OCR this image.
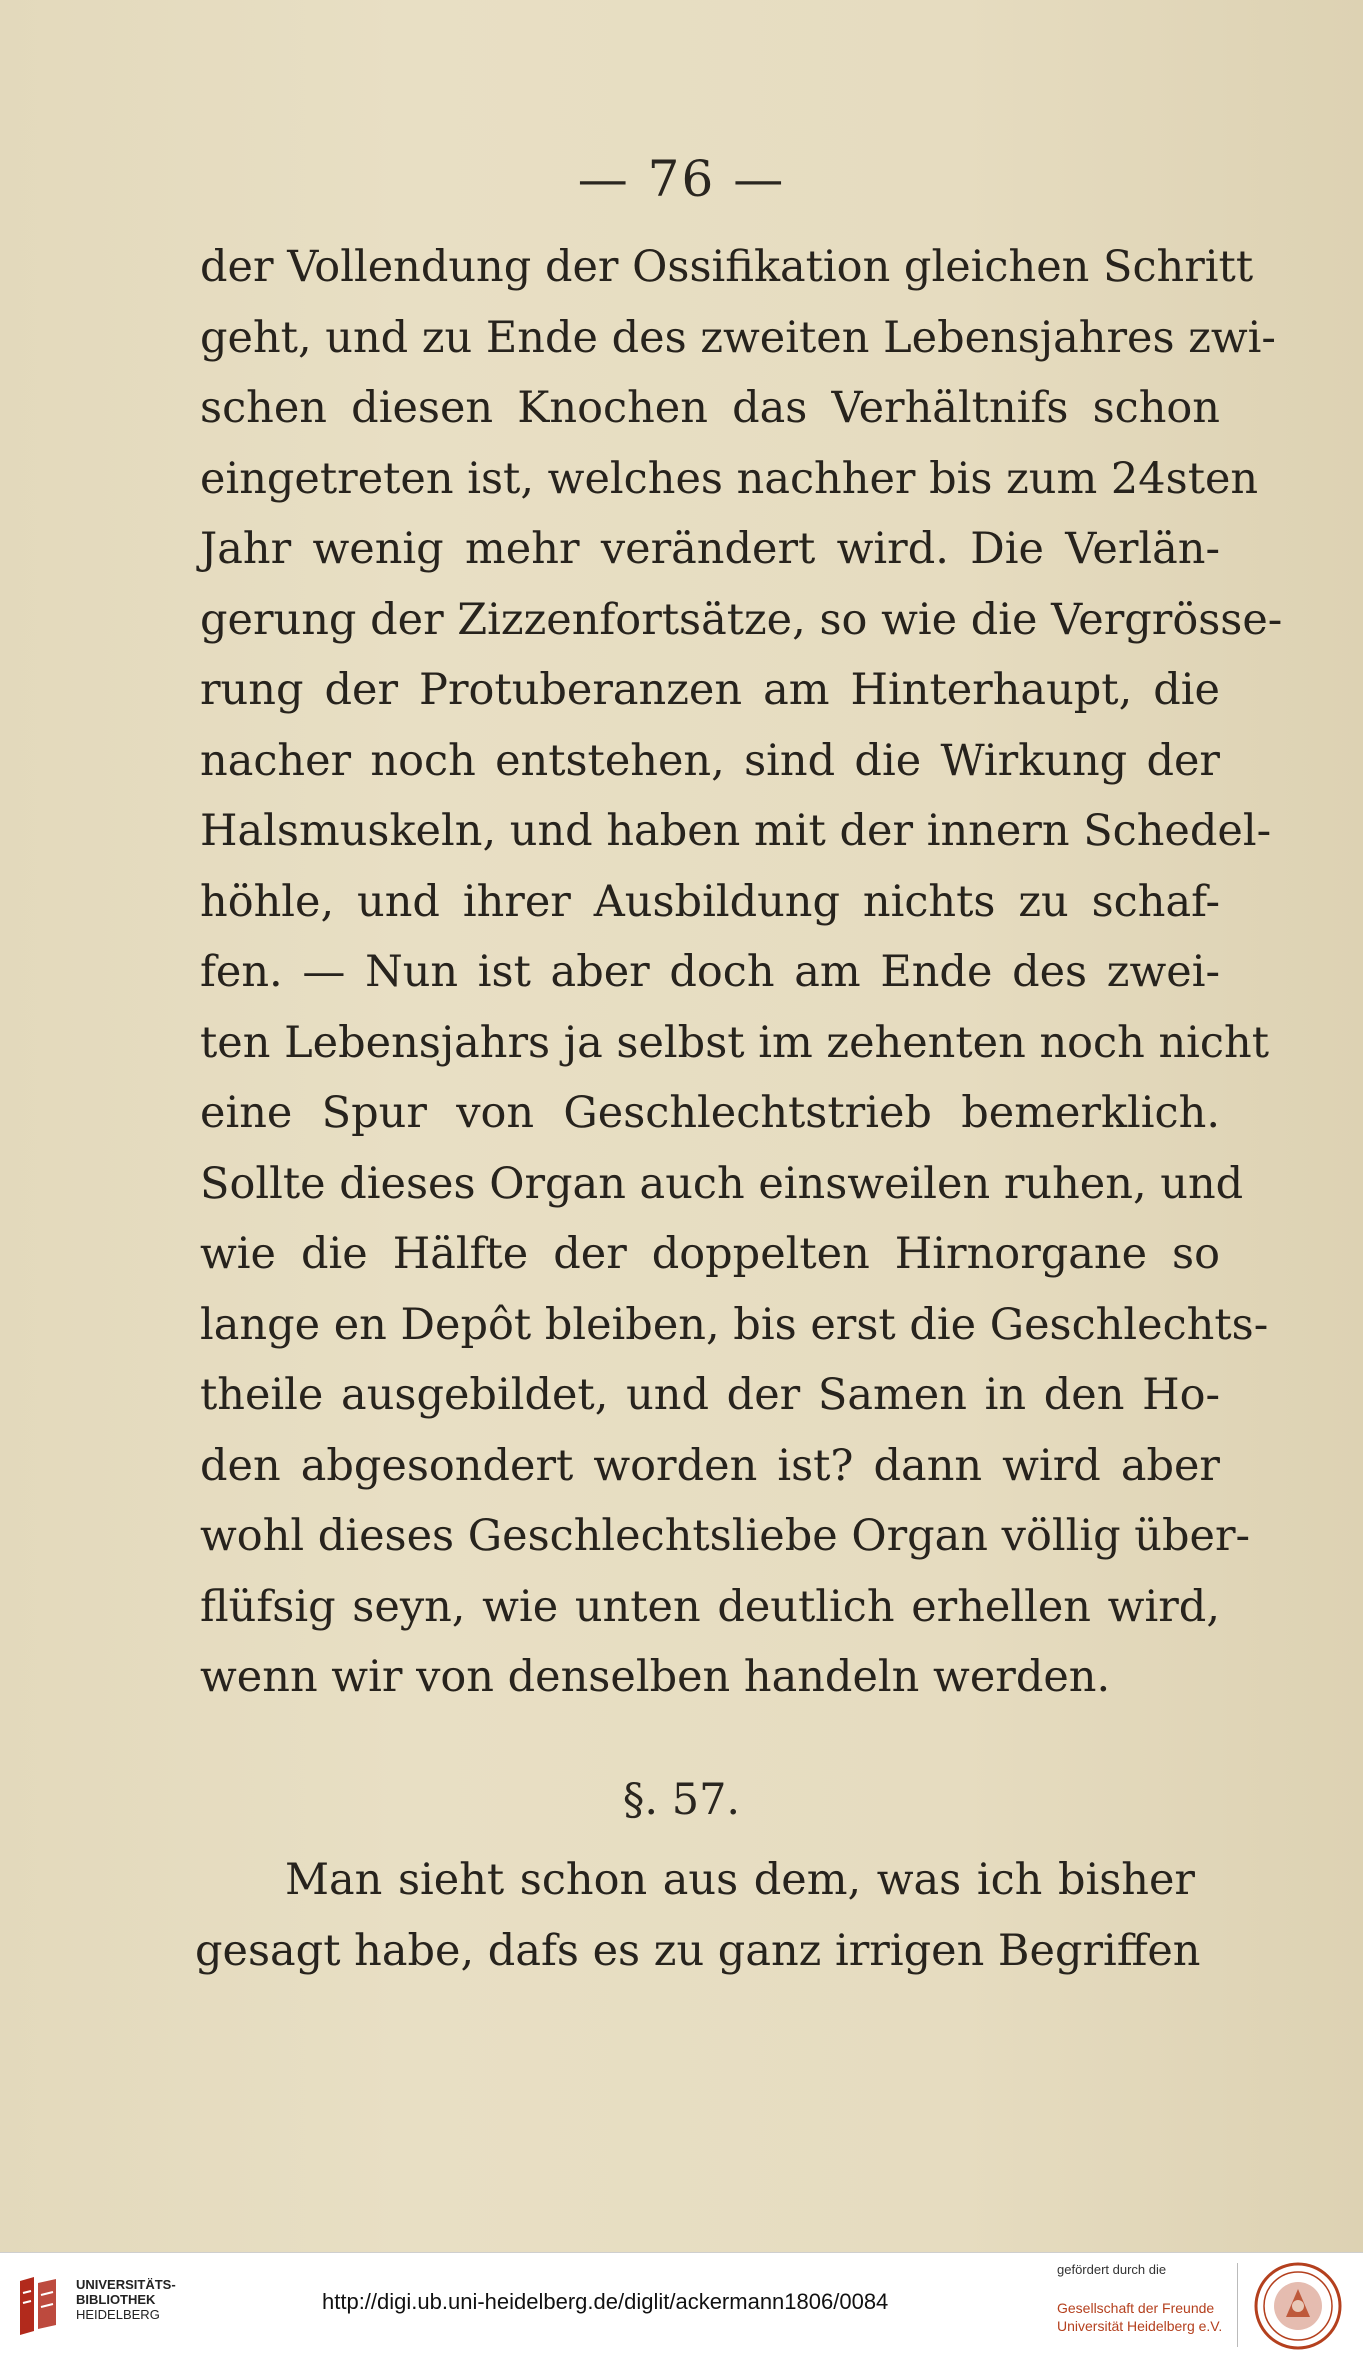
— 76 —
der Vollendung der Ossifikation gleichen Schritt
geht, und zu Ende des zweiten Lebensjahres zwi-
schen diesen Knochen das Verhältnifs schon
eingetreten ist, welches nachher bis zum 24sten
Jahr wenig mehr verändert wird. Die Verlän-
gerung der Zizzenfortsätze, so wie die Vergrösse-
rung der Protuberanzen am Hinterhaupt, die
nacher noch entstehen, sind die Wirkung der
Halsmuskeln, und haben mit der innern Schedel-
höhle, und ihrer Ausbildung nichts zu schaf-
fen. — Nun ist aber doch am Ende des zwei-
ten Lebensjahrs ja selbst im zehenten noch nicht
eine Spur von Geschlechtstrieb bemerklich.
Sollte dieses Organ auch einsweilen ruhen, und
wie die Hälfte der doppelten Hirnorgane so
lange en Depôt bleiben, bis erst die Geschlechts-
theile ausgebildet, und der Samen in den Ho-
den abgesondert worden ist? dann wird aber
wohl dieses Geschlechtsliebe Organ völlig über-
flüfsig seyn, wie unten deutlich erhellen wird,
wenn wir von denselben handeln werden.
§. 57.
Man sieht schon aus dem, was ich bisher
gesagt habe, dafs es zu ganz irrigen Begriffen
UNIVERSITÄTS-
BIBLIOTHEK
HEIDELBERG
http://digi.ub.uni-heidelberg.de/diglit/ackermann1806/0084
gefördert durch die
Gesellschaft der Freunde
Universität Heidelberg e.V.
